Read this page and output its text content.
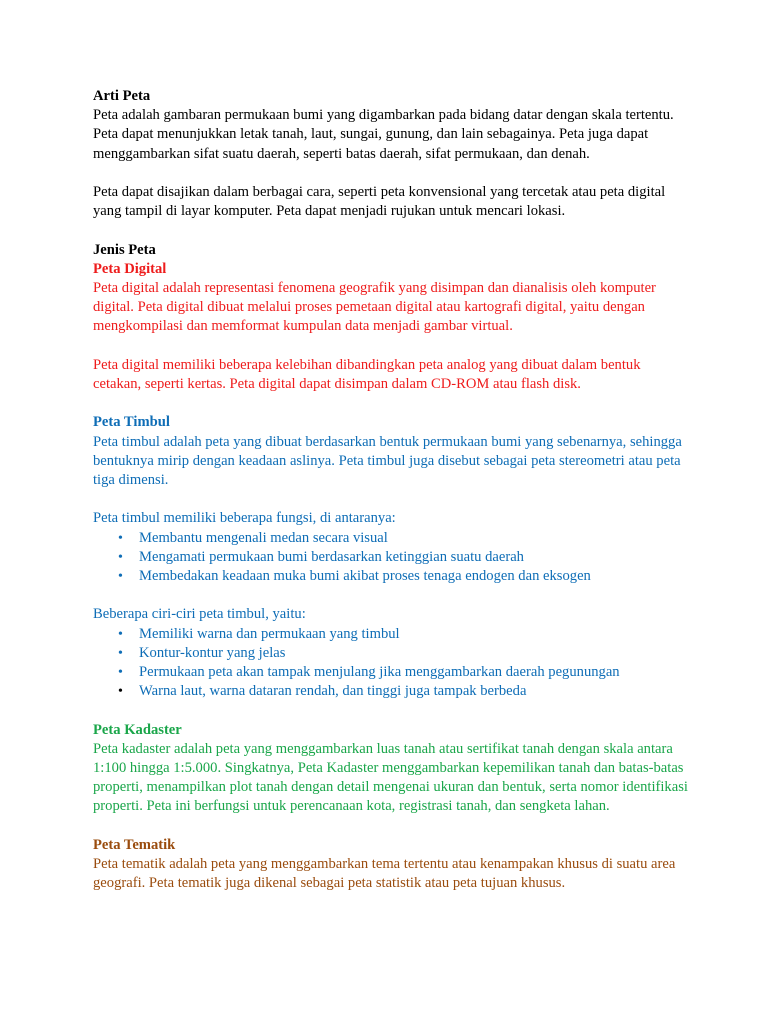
Arti Peta

Peta adalah gambaran permukaan bumi yang digambarkan pada bidang datar dengan skala tertentu. Peta dapat menunjukkan letak tanah, laut, sungai, gunung, dan lain sebagainya. Peta juga dapat menggambarkan sifat suatu daerah, seperti batas daerah, sifat permukaan, dan denah.

Peta dapat disajikan dalam berbagai cara, seperti peta konvensional yang tercetak atau peta digital yang tampil di layar komputer. Peta dapat menjadi rujukan untuk mencari lokasi.

Jenis Peta
Peta Digital

Peta digital adalah representasi fenomena geografik yang disimpan dan dianalisis oleh komputer digital. Peta digital dibuat melalui proses pemetaan digital atau kartografi digital, yaitu dengan mengkompilasi dan memformat kumpulan data menjadi gambar virtual.

Peta digital memiliki beberapa kelebihan dibandingkan peta analog yang dibuat dalam bentuk cetakan, seperti kertas. Peta digital dapat disimpan dalam CD-ROM atau flash disk.

Peta Timbul

Peta timbul adalah peta yang dibuat berdasarkan bentuk permukaan bumi yang sebenarnya, sehingga bentuknya mirip dengan keadaan aslinya. Peta timbul juga disebut sebagai peta stereometri atau peta tiga dimensi.

Peta timbul memiliki beberapa fungsi, di antaranya:

• Membantu mengenali medan secara visual
• Mengamati permukaan bumi berdasarkan ketinggian suatu daerah
• Membedakan keadaan muka bumi akibat proses tenaga endogen dan eksogen

Beberapa ciri-ciri peta timbul, yaitu:

• Memiliki warna dan permukaan yang timbul
• Kontur-kontur yang jelas
• Permukaan peta akan tampak menjulang jika menggambarkan daerah pegunungan
• Warna laut, warna dataran rendah, dan tinggi juga tampak berbeda
Peta Kadaster

Peta kadaster adalah peta yang menggambarkan luas tanah atau sertifikat tanah dengan skala antara 1:100 hingga 1:5.000. Singkatnya, Peta Kadaster menggambarkan kepemilikan tanah dan batas-batas properti, menampilkan plot tanah dengan detail mengenai ukuran dan bentuk, serta nomor identifikasi properti. Peta ini berfungsi untuk perencanaan kota, registrasi tanah, dan sengketa lahan.

Peta Tematik

Peta tematik adalah peta yang menggambarkan tema tertentu atau kenampakan khusus di suatu area geografi. Peta tematik juga dikenal sebagai peta statistik atau peta tujuan khusus.
